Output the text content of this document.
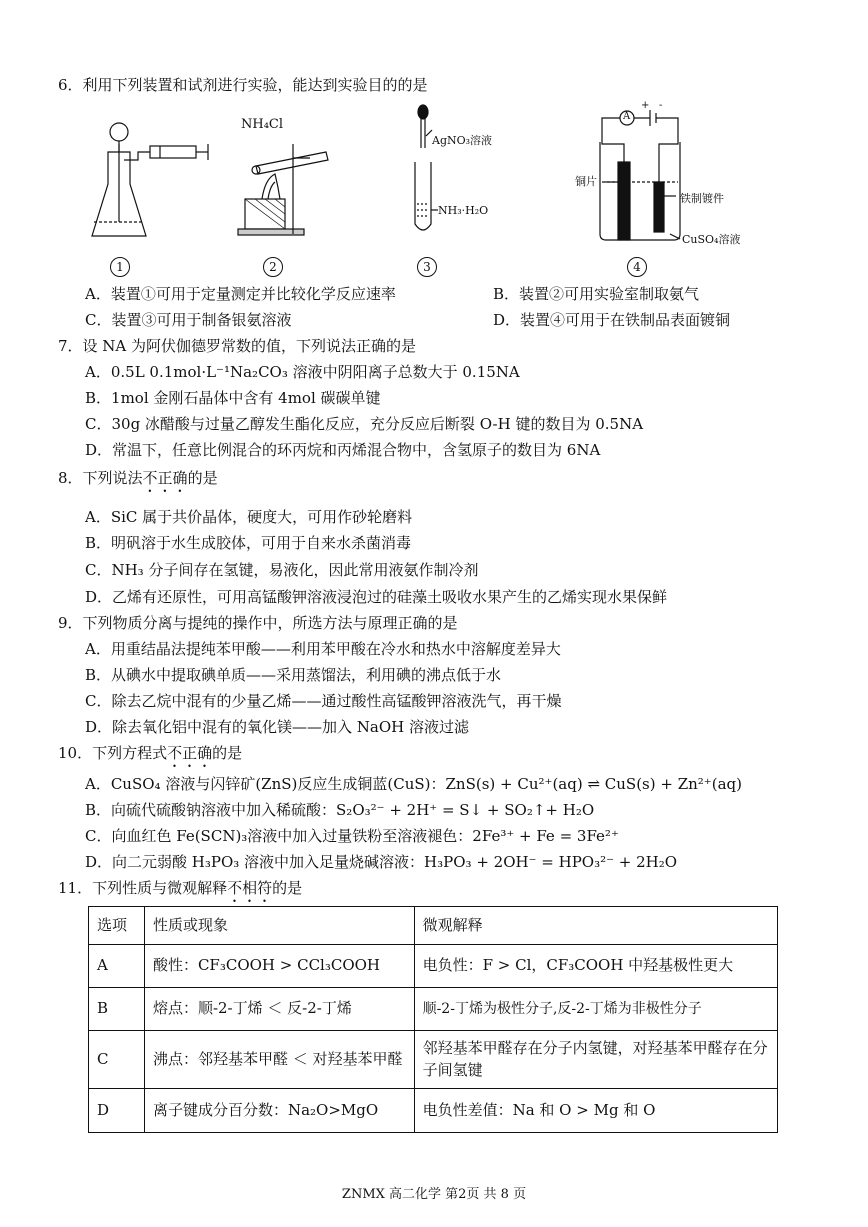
6．利用下列装置和试剂进行实验，能达到实验目的的是
NH₄Cl
AgNO₃溶液
NH₃·H₂O
铜片
铁制镀件
CuSO₄溶液
A
+ -
1	2	3	4
A．装置①可用于定量测定并比较化学反应速率	B．装置②可用实验室制取氨气
C．装置③可用于制备银氨溶液	D．装置④可用于在铁制品表面镀铜
7．设 NA 为阿伏伽德罗常数的值，下列说法正确的是
A．0.5L 0.1mol·L⁻¹Na₂CO₃ 溶液中阴阳离子总数大于 0.15NA
B．1mol 金刚石晶体中含有 4mol 碳碳单键
C．30g 冰醋酸与过量乙醇发生酯化反应，充分反应后断裂 O-H 键的数目为 0.5NA
D．常温下，任意比例混合的环丙烷和丙烯混合物中，含氢原子的数目为 6NA
8．下列说法不正确的是
A．SiC 属于共价晶体，硬度大，可用作砂轮磨料
B．明矾溶于水生成胶体，可用于自来水杀菌消毒
C．NH₃ 分子间存在氢键，易液化，因此常用液氨作制冷剂
D．乙烯有还原性，可用高锰酸钾溶液浸泡过的硅藻土吸收水果产生的乙烯实现水果保鲜
9．下列物质分离与提纯的操作中，所选方法与原理正确的是
A．用重结晶法提纯苯甲酸——利用苯甲酸在冷水和热水中溶解度差异大
B．从碘水中提取碘单质——采用蒸馏法，利用碘的沸点低于水
C．除去乙烷中混有的少量乙烯——通过酸性高锰酸钾溶液洗气，再干燥
D．除去氧化铝中混有的氧化镁——加入 NaOH 溶液过滤
10．下列方程式不正确的是
A．CuSO₄ 溶液与闪锌矿(ZnS)反应生成铜蓝(CuS)：ZnS(s) + Cu²⁺(aq) ⇌ CuS(s) + Zn²⁺(aq)
B．向硫代硫酸钠溶液中加入稀硫酸：S₂O₃²⁻ + 2H⁺ = S↓ + SO₂↑+ H₂O
C．向血红色 Fe(SCN)₃溶液中加入过量铁粉至溶液褪色：2Fe³⁺ + Fe = 3Fe²⁺
D．向二元弱酸 H₃PO₃ 溶液中加入足量烧碱溶液：H₃PO₃ + 2OH⁻ = HPO₃²⁻ + 2H₂O
11．下列性质与微观解释不相符的是
选项	性质或现象	微观解释
A	酸性：CF₃COOH > CCl₃COOH	电负性：F > Cl，CF₃COOH 中羟基极性更大
B	熔点：顺-2-丁烯 ＜ 反-2-丁烯	顺-2-丁烯为极性分子,反-2-丁烯为非极性分子
C	沸点：邻羟基苯甲醛 ＜ 对羟基苯甲醛	邻羟基苯甲醛存在分子内氢键，对羟基苯甲醛存在分子间氢键
D	离子键成分百分数：Na₂O>MgO	电负性差值：Na 和 O > Mg 和 O
ZNMX 高二化学 第2页 共 8 页
